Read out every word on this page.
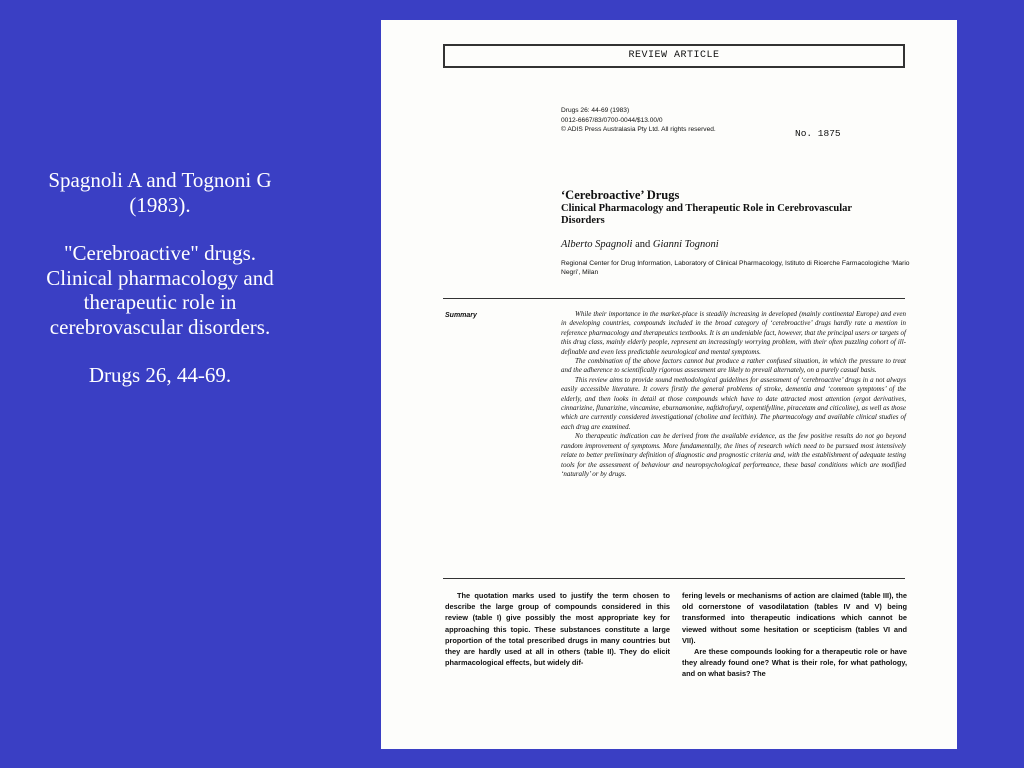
Spagnoli A and Tognoni G (1983).

"Cerebroactive" drugs. Clinical pharmacology and therapeutic role in cerebrovascular disorders.

Drugs 26, 44-69.

REVIEW ARTICLE
Drugs 26: 44-69 (1983)
0012-6667/83/0700-0044/$13.00/0
© ADIS Press Australasia Pty Ltd. All rights reserved.	No. 1875
‘Cerebroactive’ Drugs
Clinical Pharmacology and Therapeutic Role in Cerebrovascular Disorders
Alberto Spagnoli and Gianni Tognoni
Regional Center for Drug Information, Laboratory of Clinical Pharmacology, Istituto di Ricerche Farmacologiche ‘Mario Negri’, Milan
Summary	While their importance in the market-place is steadily increasing in developed (mainly continental Europe) and even in developing countries, compounds included in the broad category of ‘cerebroactive’ drugs hardly rate a mention in reference pharmacology and therapeutics textbooks. It is an undeniable fact, however, that the principal users or targets of this drug class, mainly elderly people, represent an increasingly worrying problem, with their often puzzling cohort of ill-definable and even less predictable neurological and mental symptoms.

The combination of the above factors cannot but produce a rather confused situation, in which the pressure to treat and the adherence to scientifically rigorous assessment are likely to prevail alternately, on a purely casual basis.

This review aims to provide sound methodological guidelines for assessment of ‘cerebroactive’ drugs in a not always easily accessible literature. It covers firstly the general problems of stroke, dementia and ‘common symptoms’ of the elderly, and then looks in detail at those compounds which have to date attracted most attention (ergot derivatives, cinnarizine, flunarizine, vincamine, eburnamonine, naftidrofuryl, oxpentifylline, piracetam and citicoline), as well as those which are currently considered investigational (choline and lecithin). The pharmacology and available clinical studies of each drug are examined.

No therapeutic indication can be derived from the available evidence, as the few positive results do not go beyond random improvement of symptoms. More fundamentally, the lines of research which need to be pursued most intensively relate to better preliminary definition of diagnostic and prognostic criteria and, with the establishment of adequate testing tools for the assessment of behaviour and neuropsychological performance, these basal conditions which are modified ‘naturally’ or by drugs.

The quotation marks used to justify the term chosen to describe the large group of compounds considered in this review (table I) give possibly the most appropriate key for approaching this topic. These substances constitute a large proportion of the total prescribed drugs in many countries but they are hardly used at all in others (table II). They do elicit pharmacological effects, but widely dif-

fering levels or mechanisms of action are claimed (table III), the old cornerstone of vasodilatation (tables IV and V) being transformed into therapeutic indications which cannot be viewed without some hesitation or scepticism (tables VI and VII).

Are these compounds looking for a therapeutic role or have they already found one? What is their role, for what pathology, and on what basis? The
